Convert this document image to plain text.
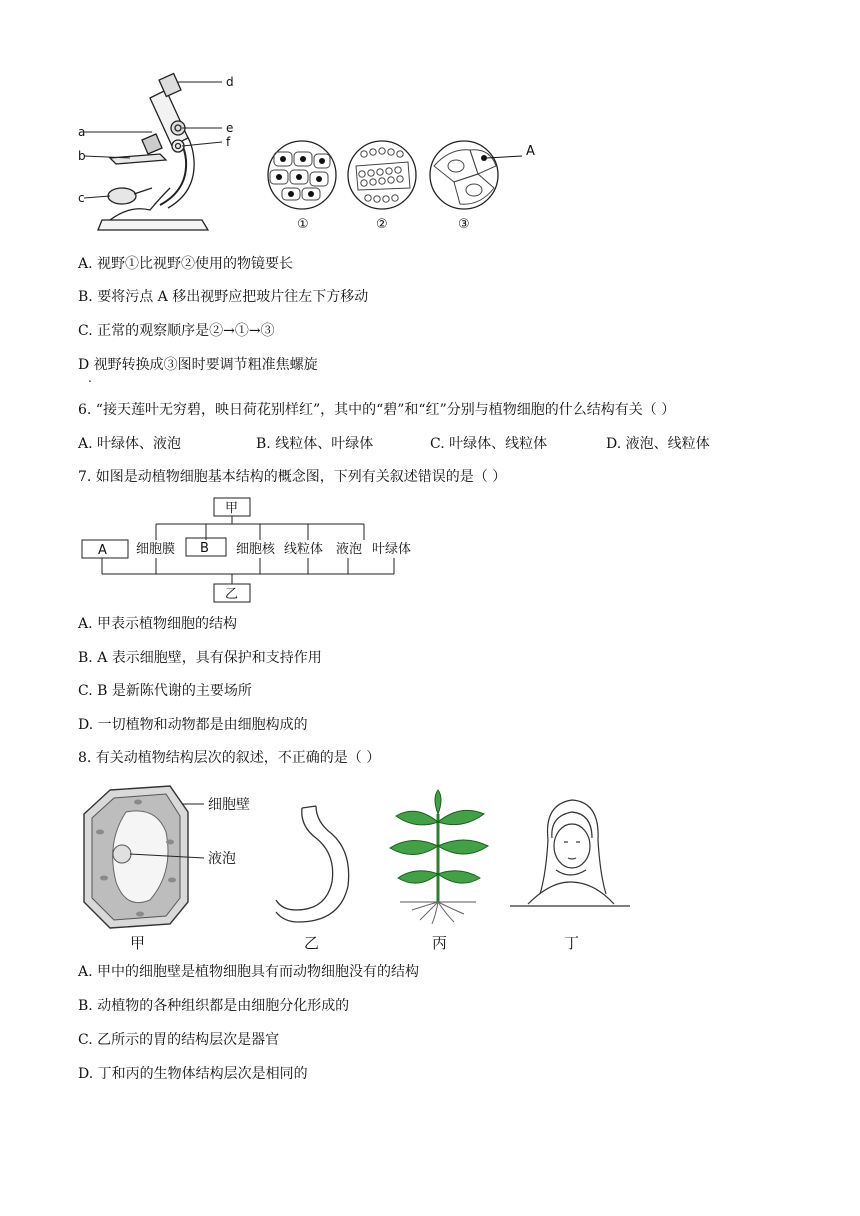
a
b
c
d
e
f
①	②	③
A
A. 视野①比视野②使用的物镜要长
B. 要将污点 A 移出视野应把玻片往左下方移动
C. 正常的观察顺序是②→①→③
D 视野转换成③图时要调节粗准焦螺旋
.
6. “接天莲叶无穷碧，映日荷花别样红”，其中的“碧”和“红”分别与植物细胞的什么结构有关（ ）
A. 叶绿体、液泡	B. 线粒体、叶绿体	C. 叶绿体、线粒体	D. 液泡、线粒体
7. 如图是动植物细胞基本结构的概念图，下列有关叙述错误的是（ ）
甲
A 细胞膜 B 细胞核 线粒体 液泡 叶绿体
乙
A. 甲表示植物细胞的结构
B. A 表示细胞壁，具有保护和支持作用
C. B 是新陈代谢的主要场所
D. 一切植物和动物都是由细胞构成的
8. 有关动植物结构层次的叙述，不正确的是（ ）
细胞壁
液泡
甲	乙	丙	丁
A. 甲中的细胞壁是植物细胞具有而动物细胞没有的结构
B. 动植物的各种组织都是由细胞分化形成的
C. 乙所示的胃的结构层次是器官
D. 丁和丙的生物体结构层次是相同的
